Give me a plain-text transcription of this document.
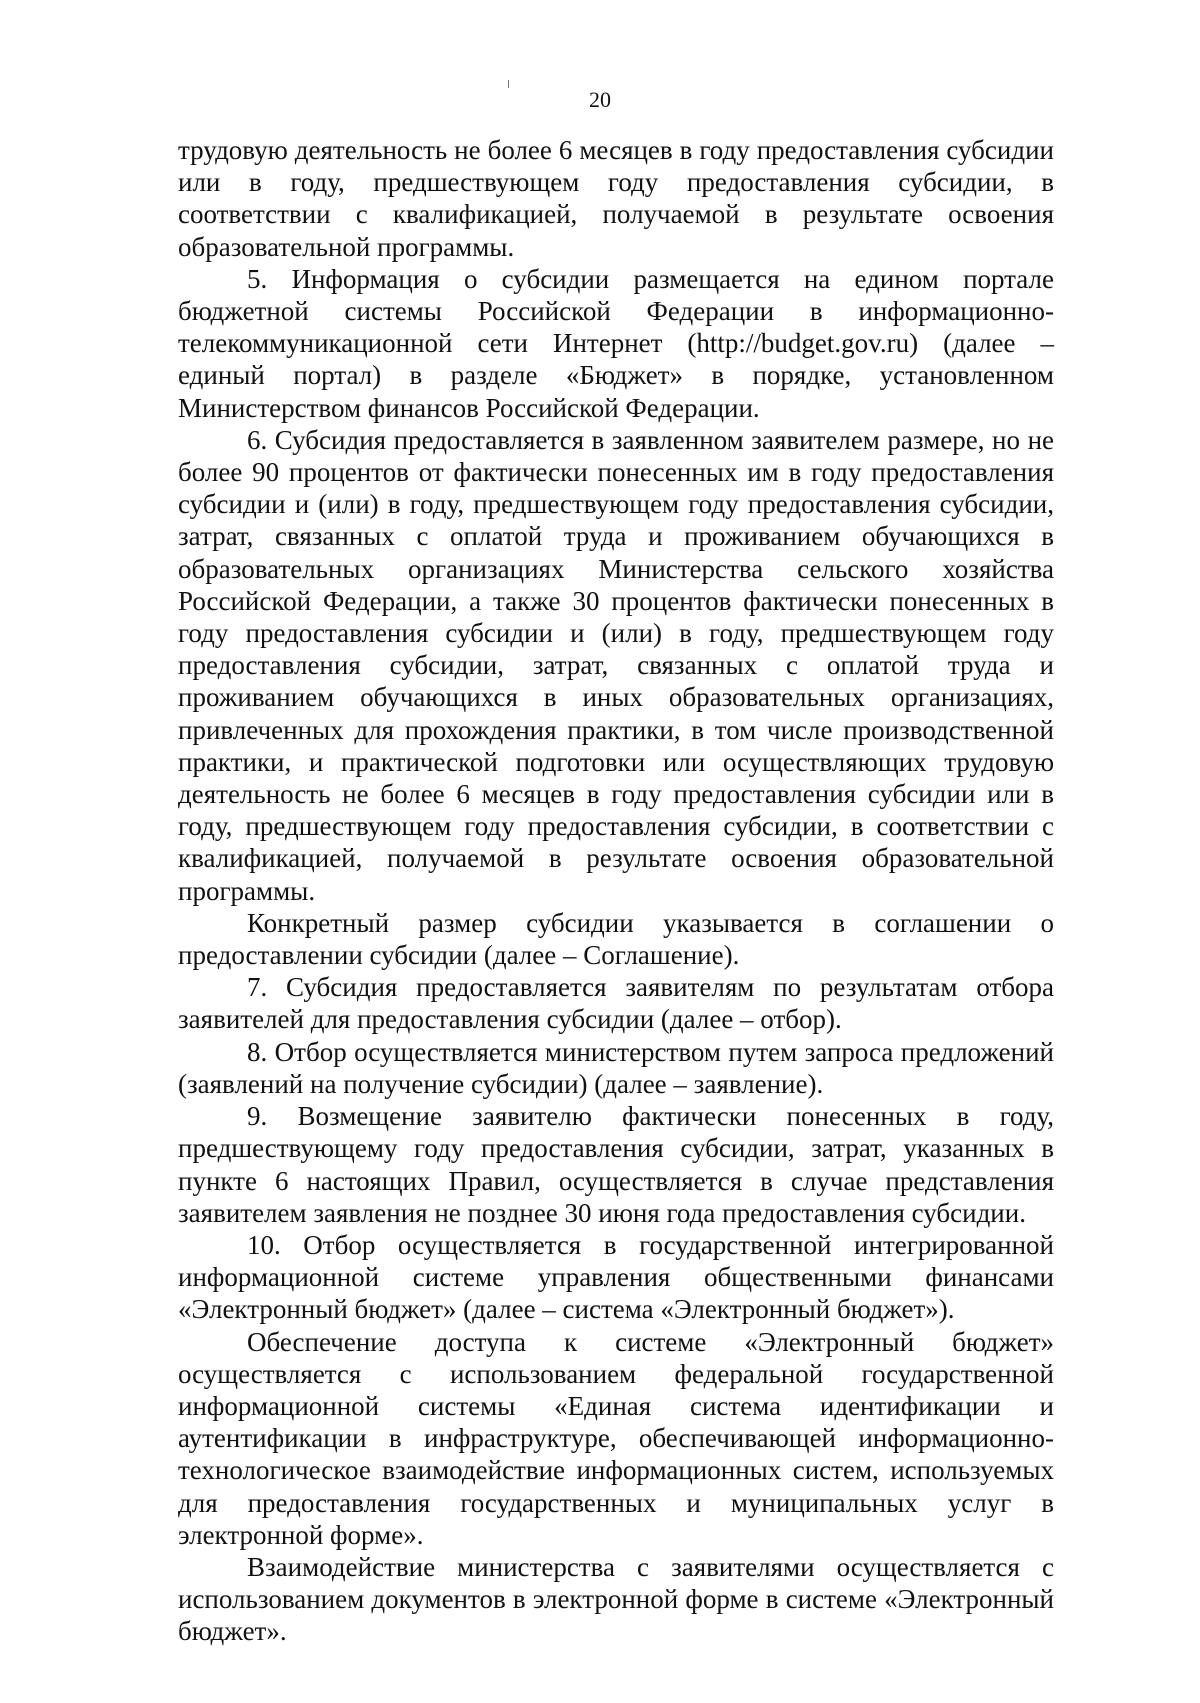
20

трудовую деятельность не более 6 месяцев в году предоставления субсидии или в году, предшествующем году предоставления субсидии, в соответствии с квалификацией, получаемой в результате освоения образовательной программы.

5. Информация о субсидии размещается на едином портале бюджетной системы Российской Федерации в информационно-телекоммуникационной сети Интернет (http://budget.gov.ru) (далее – единый портал) в разделе «Бюджет» в порядке, установленном Министерством финансов Российской Федерации.

6. Субсидия предоставляется в заявленном заявителем размере, но не более 90 процентов от фактически понесенных им в году предоставления субсидии и (или) в году, предшествующем году предоставления субсидии, затрат, связанных с оплатой труда и проживанием обучающихся в образовательных организациях Министерства сельского хозяйства Российской Федерации, а также 30 процентов фактически понесенных в году предоставления субсидии и (или) в году, предшествующем году предоставления субсидии, затрат, связанных с оплатой труда и проживанием обучающихся в иных образовательных организациях, привлеченных для прохождения практики, в том числе производственной практики, и практической подготовки или осуществляющих трудовую деятельность не более 6 месяцев в году предоставления субсидии или в году, предшествующем году предоставления субсидии, в соответствии с квалификацией, получаемой в результате освоения образовательной программы.

Конкретный размер субсидии указывается в соглашении о предоставлении субсидии (далее – Соглашение).

7. Субсидия предоставляется заявителям по результатам отбора заявителей для предоставления субсидии (далее – отбор).

8. Отбор осуществляется министерством путем запроса предложений (заявлений на получение субсидии) (далее – заявление).

9. Возмещение заявителю фактически понесенных в году, предшествующему году предоставления субсидии, затрат, указанных в пункте 6 настоящих Правил, осуществляется в случае представления заявителем заявления не позднее 30 июня года предоставления субсидии.

10. Отбор осуществляется в государственной интегрированной информационной системе управления общественными финансами «Электронный бюджет» (далее – система «Электронный бюджет»).

Обеспечение доступа к системе «Электронный бюджет» осуществляется с использованием федеральной государственной информационной системы «Единая система идентификации и аутентификации в инфраструктуре, обеспечивающей информационно-технологическое взаимодействие информационных систем, используемых для предоставления государственных и муниципальных услуг в электронной форме».

Взаимодействие министерства с заявителями осуществляется с использованием документов в электронной форме в системе «Электронный бюджет».
